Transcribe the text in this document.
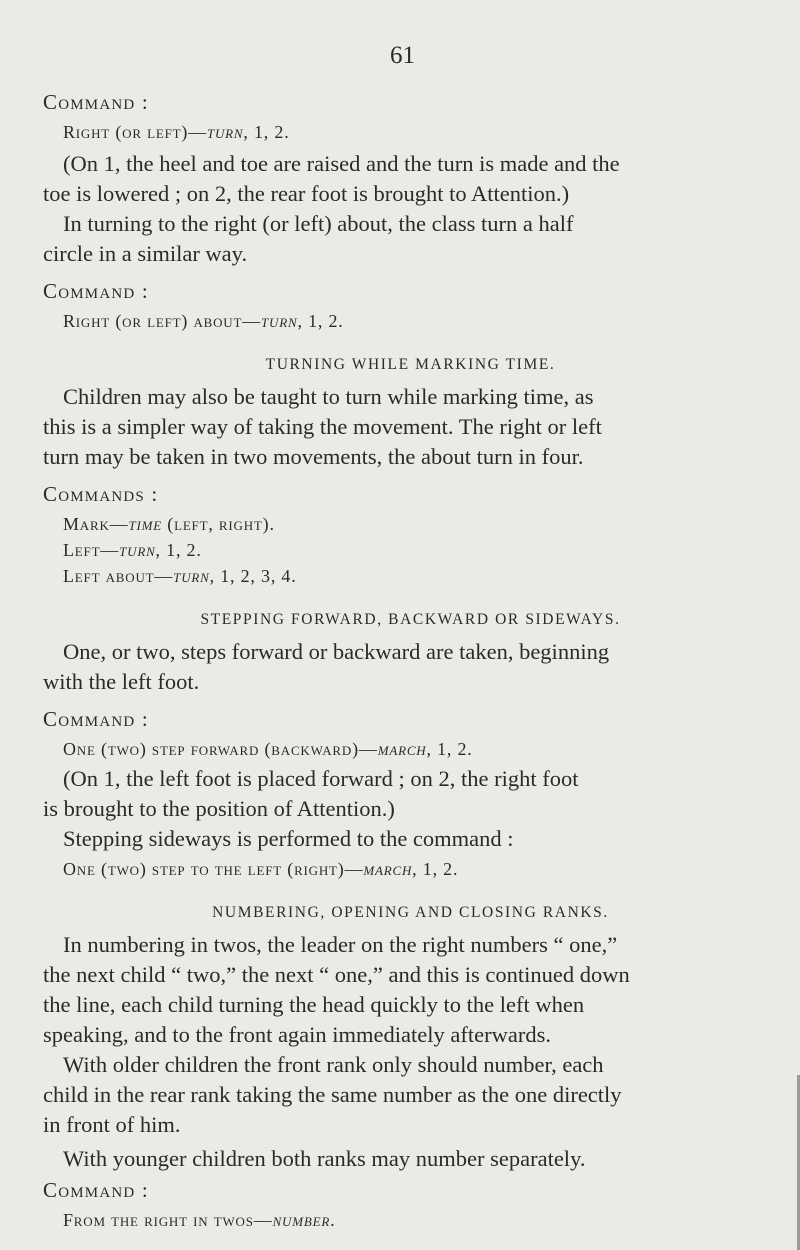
61
Command :
Right (or left)—turn, 1, 2.
(On 1, the heel and toe are raised and the turn is made and the
toe is lowered ; on 2, the rear foot is brought to Attention.)
In turning to the right (or left) about, the class turn a half
circle in a similar way.
Command :
Right (or left) about—turn, 1, 2.
TURNING WHILE MARKING TIME.
Children may also be taught to turn while marking time, as
this is a simpler way of taking the movement. The right or left
turn may be taken in two movements, the about turn in four.
Commands :
Mark—time (left, right).
Left—turn, 1, 2.
Left about—turn, 1, 2, 3, 4.
STEPPING FORWARD, BACKWARD OR SIDEWAYS.
One, or two, steps forward or backward are taken, beginning
with the left foot.
Command :
One (two) step forward (backward)—march, 1, 2.
(On 1, the left foot is placed forward ; on 2, the right foot
is brought to the position of Attention.)
Stepping sideways is performed to the command :
One (two) step to the left (right)—march, 1, 2.
NUMBERING, OPENING AND CLOSING RANKS.
In numbering in twos, the leader on the right numbers “ one,”
the next child “ two,” the next “ one,” and this is continued down
the line, each child turning the head quickly to the left when
speaking, and to the front again immediately afterwards.
With older children the front rank only should number, each
child in the rear rank taking the same number as the one directly
in front of him.
With younger children both ranks may number separately.
Command :
From the right in twos—number.
